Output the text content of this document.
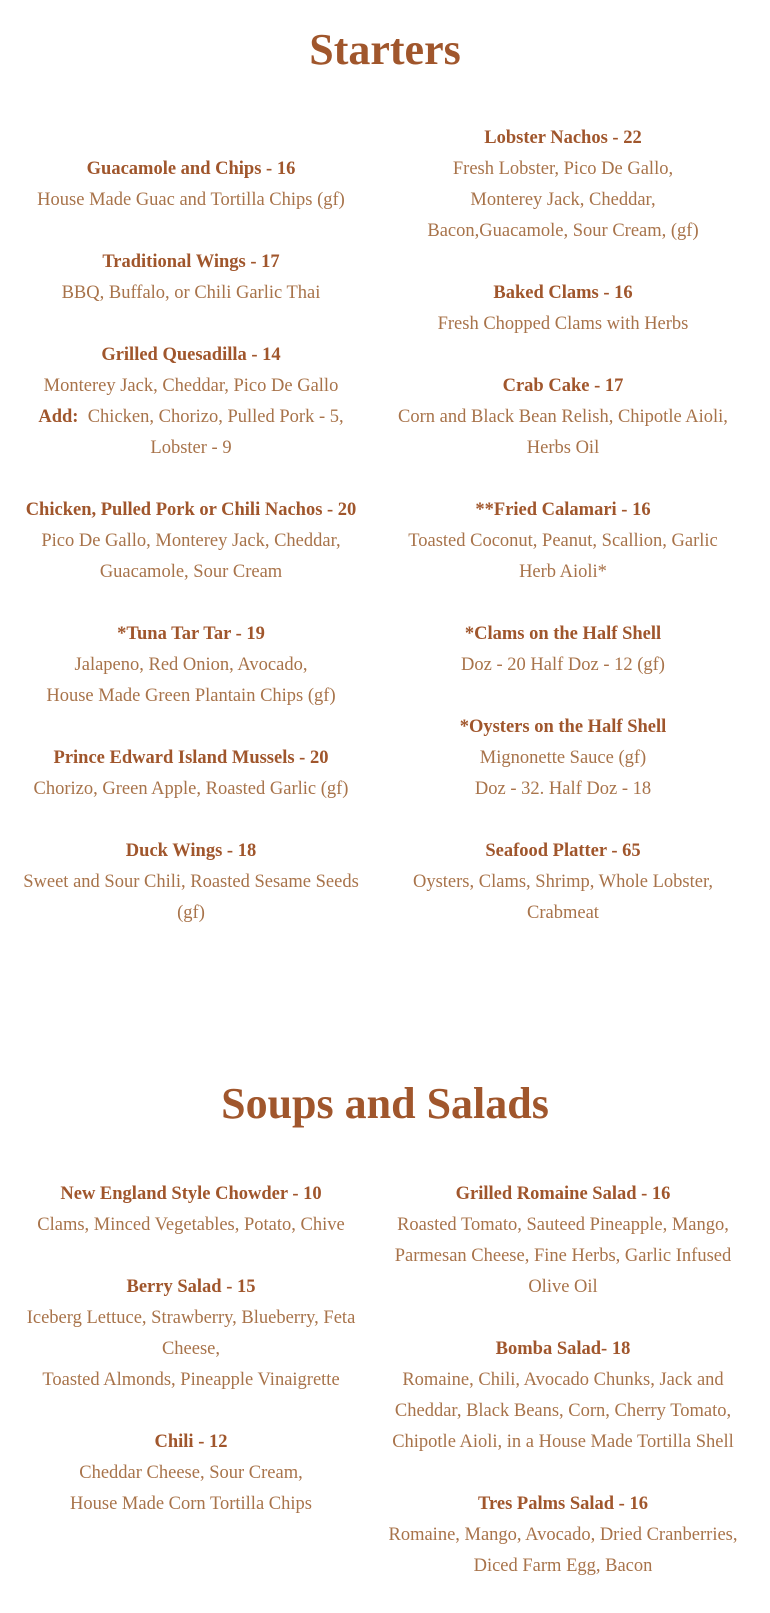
Starters
Guacamole and Chips - 16
House Made Guac and Tortilla Chips (gf)
Traditional Wings - 17
BBQ, Buffalo, or Chili Garlic Thai
Grilled Quesadilla - 14
Monterey Jack, Cheddar, Pico De Gallo
Add: Chicken, Chorizo, Pulled Pork - 5, Lobster - 9
Chicken, Pulled Pork or Chili Nachos - 20
Pico De Gallo, Monterey Jack, Cheddar, Guacamole, Sour Cream
*Tuna Tar Tar - 19
Jalapeno, Red Onion, Avocado,
House Made Green Plantain Chips (gf)
Prince Edward Island Mussels - 20
Chorizo, Green Apple, Roasted Garlic (gf)
Duck Wings - 18
Sweet and Sour Chili, Roasted Sesame Seeds (gf)
Lobster Nachos - 22
Fresh Lobster, Pico De Gallo,
Monterey Jack, Cheddar,
Bacon,Guacamole, Sour Cream, (gf)
Baked Clams - 16
Fresh Chopped Clams with Herbs
Crab Cake - 17
Corn and Black Bean Relish, Chipotle Aioli, Herbs Oil
**Fried Calamari - 16
Toasted Coconut, Peanut, Scallion, Garlic Herb Aioli*
*Clams on the Half Shell
Doz - 20 Half Doz - 12 (gf)
*Oysters on the Half Shell
Mignonette Sauce (gf)
Doz - 32. Half Doz - 18
Seafood Platter - 65
Oysters, Clams, Shrimp, Whole Lobster, Crabmeat
Soups and Salads
New England Style Chowder - 10
Clams, Minced Vegetables, Potato, Chive
Berry Salad - 15
Iceberg Lettuce, Strawberry, Blueberry, Feta Cheese,
Toasted Almonds, Pineapple Vinaigrette
Chili - 12
Cheddar Cheese, Sour Cream,
House Made Corn Tortilla Chips
Grilled Romaine Salad - 16
Roasted Tomato, Sauteed Pineapple, Mango, Parmesan Cheese, Fine Herbs, Garlic Infused Olive Oil
Bomba Salad- 18
Romaine, Chili, Avocado Chunks, Jack and Cheddar, Black Beans, Corn, Cherry Tomato, Chipotle Aioli, in a House Made Tortilla Shell
Tres Palms Salad - 16
Romaine, Mango, Avocado, Dried Cranberries, Diced Farm Egg, Bacon
